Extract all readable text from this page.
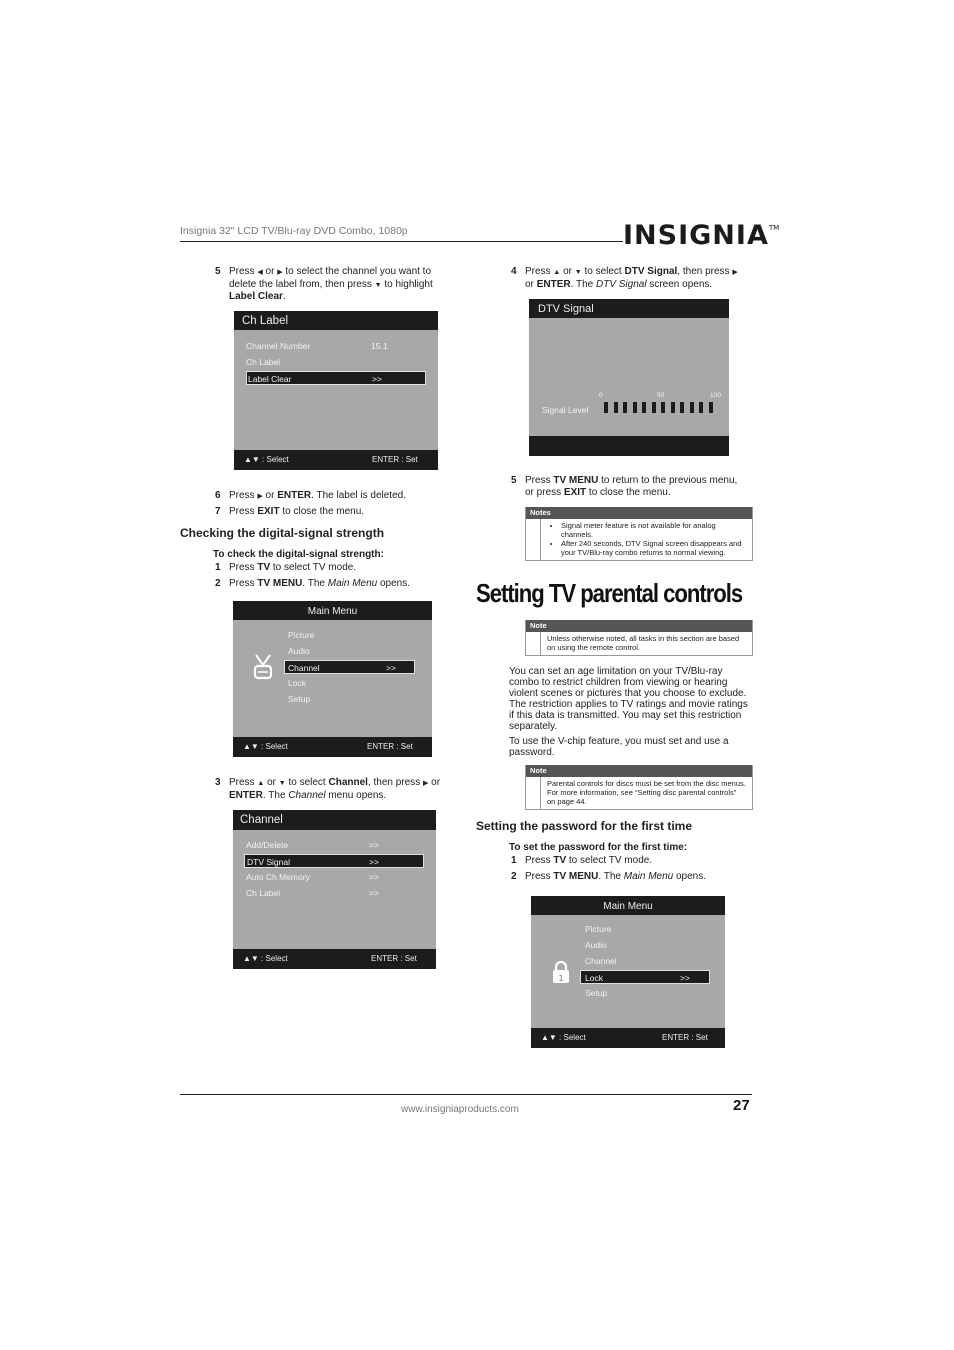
Insignia 32" LCD TV/Blu-ray DVD Combo, 1080p	INSIGNIA™
5 Press ◀ or ▶ to select the channel you want to
delete the label from, then press ▼ to highlight
Label Clear.
Ch Label
Channel Number	15.1
Ch Label
Label Clear	>>
▲▼ : Select	ENTER : Set
6 Press ▶ or ENTER. The label is deleted.
7 Press EXIT to close the menu.
Checking the digital-signal strength
To check the digital-signal strength:
1 Press TV to select TV mode.
2 Press TV MENU. The Main Menu opens.
Main Menu
Picture
Audio
Channel	>>
Lock
Setup
▲▼ : Select	ENTER : Set
3 Press ▲ or ▼ to select Channel, then press ▶ or
ENTER. The Channel menu opens.
Channel
Add/Delete	>>
DTV Signal	>>
Auto Ch Memory	>>
Ch Label	>>
▲▼ : Select	ENTER : Set
4 Press ▲ or ▼ to select DTV Signal, then press ▶
or ENTER. The DTV Signal screen opens.
DTV Signal
0	50	100
Signal Level
5 Press TV MENU to return to the previous menu,
or press EXIT to close the menu.
Notes
• Signal meter feature is not available for analog channels.
• After 240 seconds, DTV Signal screen disappears and your TV/Blu-ray combo returns to normal viewing.
Setting TV parental controls
Note
Unless otherwise noted, all tasks in this section are based on using the remote control.
You can set an age limitation on your TV/Blu-ray combo to restrict children from viewing or hearing violent scenes or pictures that you choose to exclude. The restriction applies to TV ratings and movie ratings if this data is transmitted. You may set this restriction separately.
To use the V-chip feature, you must set and use a password.
Note
Parental controls for discs must be set from the disc menus. For more information, see “Setting disc parental controls” on page 44.
Setting the password for the first time
To set the password for the first time:
1 Press TV to select TV mode.
2 Press TV MENU. The Main Menu opens.
Main Menu
1
Picture
Audio
Channel
Lock	>>
Setup
▲▼ : Select	ENTER : Set
www.insigniaproducts.com	27
